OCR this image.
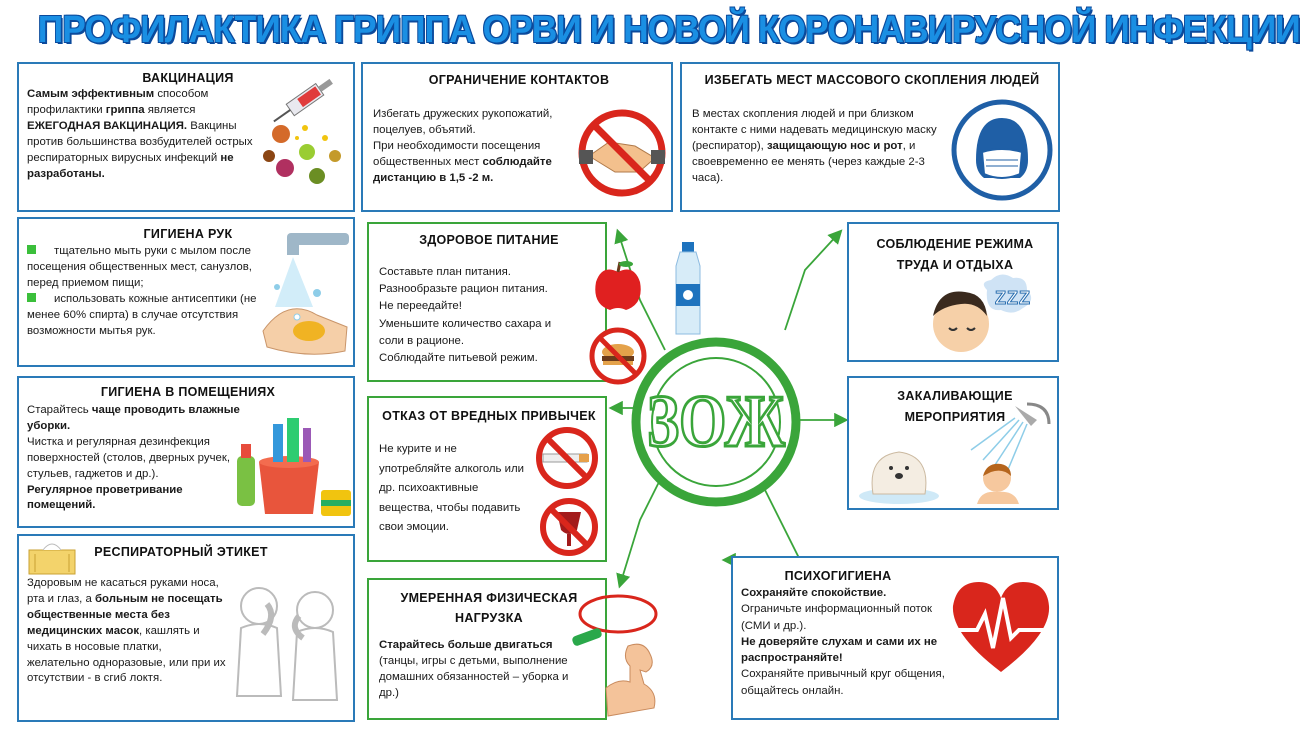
ПРОФИЛАКТИКА ГРИППА ОРВИ И НОВОЙ КОРОНАВИРУСНОЙ ИНФЕКЦИИ
ВАКЦИНАЦИЯ
Самым эффективным способом профилактики гриппа является ЕЖЕГОДНАЯ ВАКЦИНАЦИЯ. Вакцины против большинства возбудителей острых респираторных вирусных инфекций не разработаны.
ГИГИЕНА РУК

тщательно мыть руки с мылом после посещения общественных мест, санузлов, перед приемом пищи;

использовать кожные антисептики (не менее 60% спирта) в случае отсутствия возможности мытья рук.

ГИГИЕНА В ПОМЕЩЕНИЯХ
Старайтесь чаще проводить влажные уборки.

Чистка и регулярная дезинфекция поверхностей (столов, дверных ручек, стульев, гаджетов и др.).

Регулярное проветривание помещений.

РЕСПИРАТОРНЫЙ ЭТИКЕТ
Здоровым не касаться руками носа, рта и глаз, а больным не посещать общественные места без медицинских масок, кашлять и чихать в носовые платки, желательно одноразовые, или при их отсутствии - в сгиб локтя.
ОГРАНИЧЕНИЕ КОНТАКТОВ

Избегать дружеских рукопожатий, поцелуев, объятий.

При необходимости посещения общественных мест соблюдайте дистанцию в 1,5 -2 м.
ИЗБЕГАТЬ МЕСТ МАССОВОГО СКОПЛЕНИЯ ЛЮДЕЙ
В местах скопления людей и при близком контакте с ними надевать медицинскую маску (респиратор), защищающую нос и рот, и своевременно ее менять (через каждые 2-3 часа).
ЗОЖ
ЗДОРОВОЕ ПИТАНИЕ

Составьте план питания.

Разнообразьте рацион питания.

Не переедайте!

Уменьшите количество сахара и соли в рационе.

Соблюдайте питьевой режим.

ОТКАЗ ОТ ВРЕДНЫХ ПРИВЫЧЕК
Не курите и не употребляйте алкоголь или др. психоактивные вещества, чтобы подавить свои эмоции.
УМЕРЕННАЯ ФИЗИЧЕСКАЯ НАГРУЗКА
Старайтесь больше двигаться

(танцы, игры с детьми, выполнение домашних обязанностей – уборка и др.)

СОБЛЮДЕНИЕ РЕЖИМА ТРУДА И ОТДЫХА
ZZZ
ЗАКАЛИВАЮЩИЕ МЕРОПРИЯТИЯ
ПСИХОГИГИЕНА
Сохраняйте спокойствие.

Ограничьте информационный поток (СМИ и др.).

Не доверяйте слухам и сами их не распространяйте!

Сохраняйте привычный круг общения, общайтесь онлайн.
